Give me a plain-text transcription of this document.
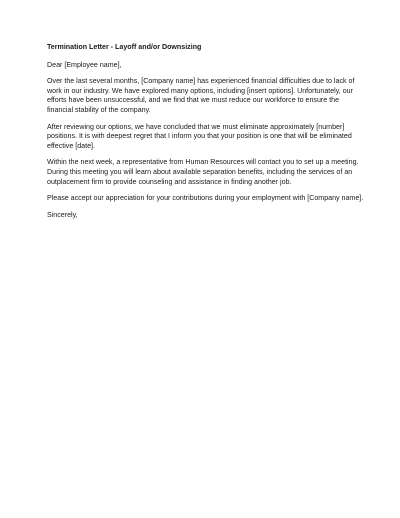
Termination Letter - Layoff and/or Downsizing

Dear [Employee name],

Over the last several months, [Company name] has experienced financial difficulties due to lack of work in our industry. We have explored many options, including [insert options]. Unfortunately, our efforts have been unsuccessful, and we find that we must reduce our workforce to ensure the financial stability of the company.

After reviewing our options, we have concluded that we must eliminate approximately [number] positions. It is with deepest regret that I inform you that your position is one that will be eliminated effective [date].

Within the next week, a representative from Human Resources will contact you to set up a meeting. During this meeting you will learn about available separation benefits, including the services of an outplacement firm to provide counseling and assistance in finding another job.

Please accept our appreciation for your contributions during your employment with [Company name].

Sincerely,
